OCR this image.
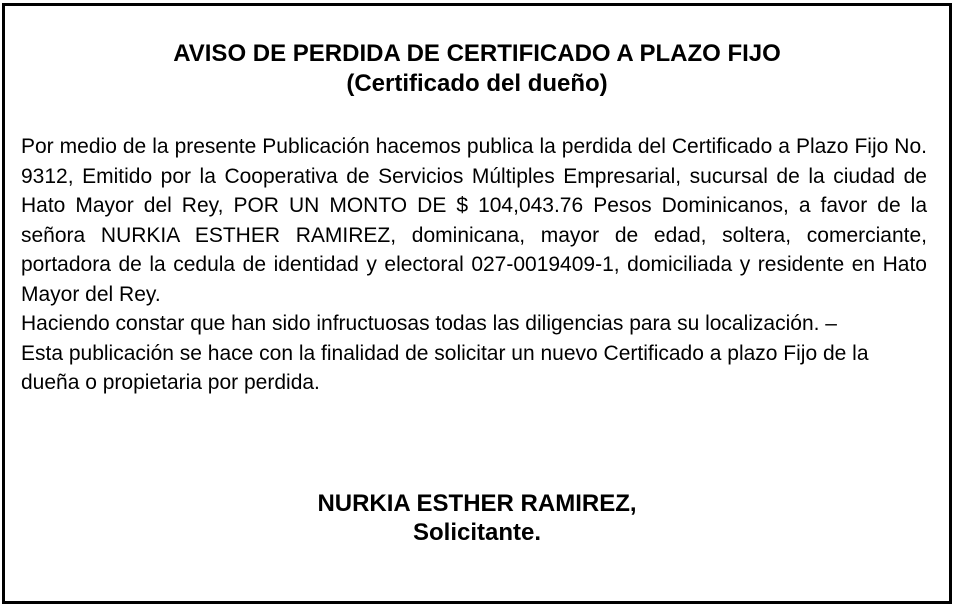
AVISO DE PERDIDA DE CERTIFICADO A PLAZO FIJO
(Certificado del dueño)

Por medio de la presente Publicación hacemos publica la perdida del Certificado a Plazo Fijo No. 9312, Emitido por la Cooperativa de Servicios Múltiples Empresarial, sucursal de la ciudad de Hato Mayor del Rey, POR UN MONTO DE $ 104,043.76 Pesos Dominicanos, a favor de la señora NURKIA ESTHER RAMIREZ, dominicana, mayor de edad, soltera, comerciante, portadora de la cedula de identidad y electoral 027-0019409-1, domiciliada y residente en Hato Mayor del Rey.

Haciendo constar que han sido infructuosas todas las diligencias para su localización. –

Esta publicación se hace con la finalidad de solicitar un nuevo Certificado a plazo Fijo de la dueña o propietaria por perdida.

NURKIA ESTHER RAMIREZ,
Solicitante.
